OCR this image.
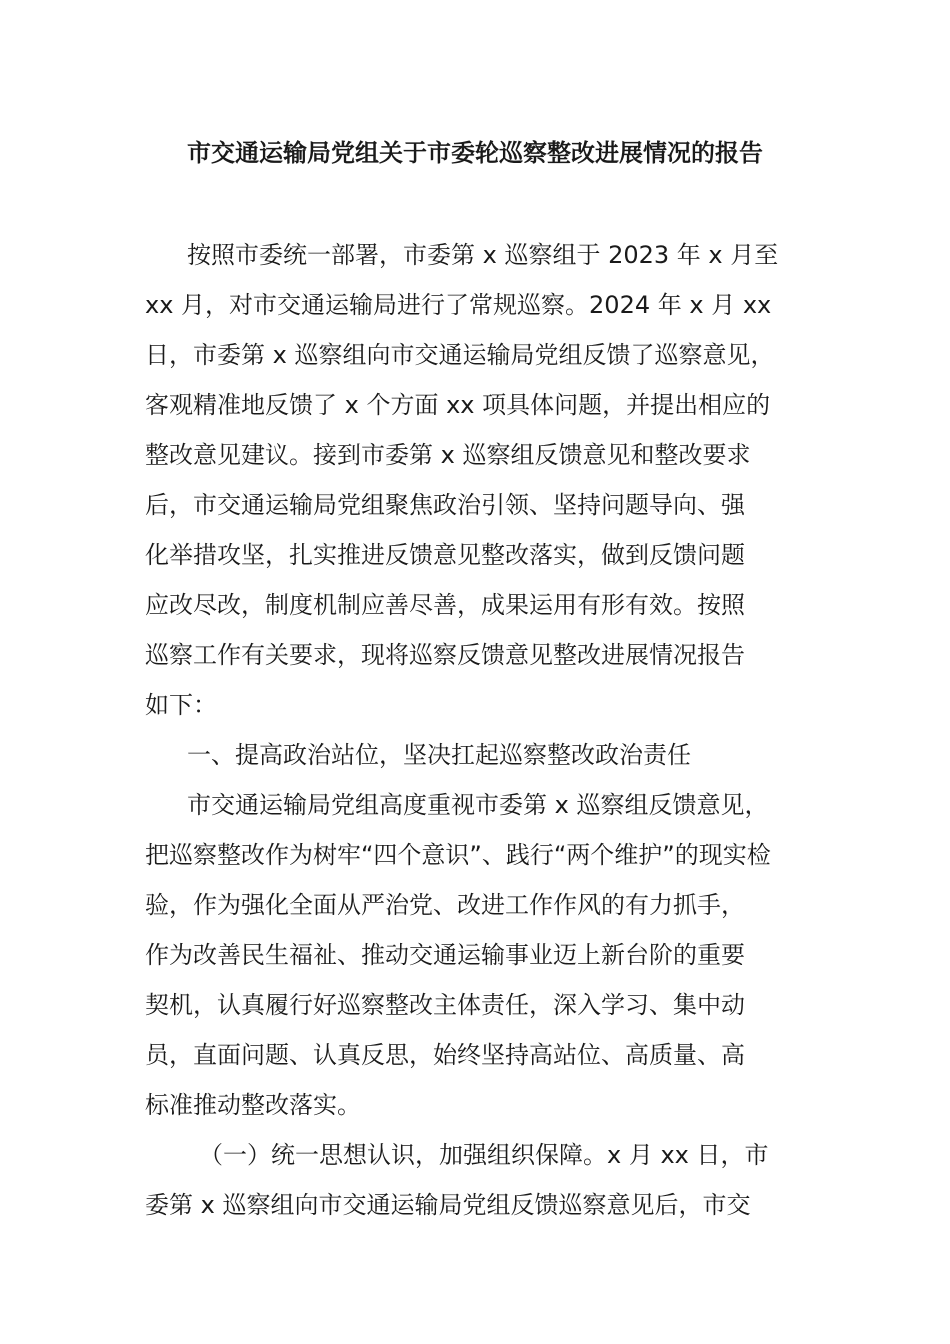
市交通运输局党组关于市委轮巡察整改进展情况的报告
按照市委统一部署，市委第 x 巡察组于 2023 年 x 月至
xx 月，对市交通运输局进行了常规巡察。2024 年 x 月 xx
日，市委第 x 巡察组向市交通运输局党组反馈了巡察意见，
客观精准地反馈了 x 个方面 xx 项具体问题，并提出相应的
整改意见建议。接到市委第 x 巡察组反馈意见和整改要求
后，市交通运输局党组聚焦政治引领、坚持问题导向、强
化举措攻坚，扎实推进反馈意见整改落实，做到反馈问题
应改尽改，制度机制应善尽善，成果运用有形有效。按照
巡察工作有关要求，现将巡察反馈意见整改进展情况报告
如下：
一、提高政治站位，坚决扛起巡察整改政治责任
市交通运输局党组高度重视市委第 x 巡察组反馈意见，
把巡察整改作为树牢“四个意识”、践行“两个维护”的现实检
验，作为强化全面从严治党、改进工作作风的有力抓手，
作为改善民生福祉、推动交通运输事业迈上新台阶的重要
契机，认真履行好巡察整改主体责任，深入学习、集中动
员，直面问题、认真反思，始终坚持高站位、高质量、高
标准推动整改落实。
（一）统一思想认识，加强组织保障。x 月 xx 日，市
委第 x 巡察组向市交通运输局党组反馈巡察意见后，市交
